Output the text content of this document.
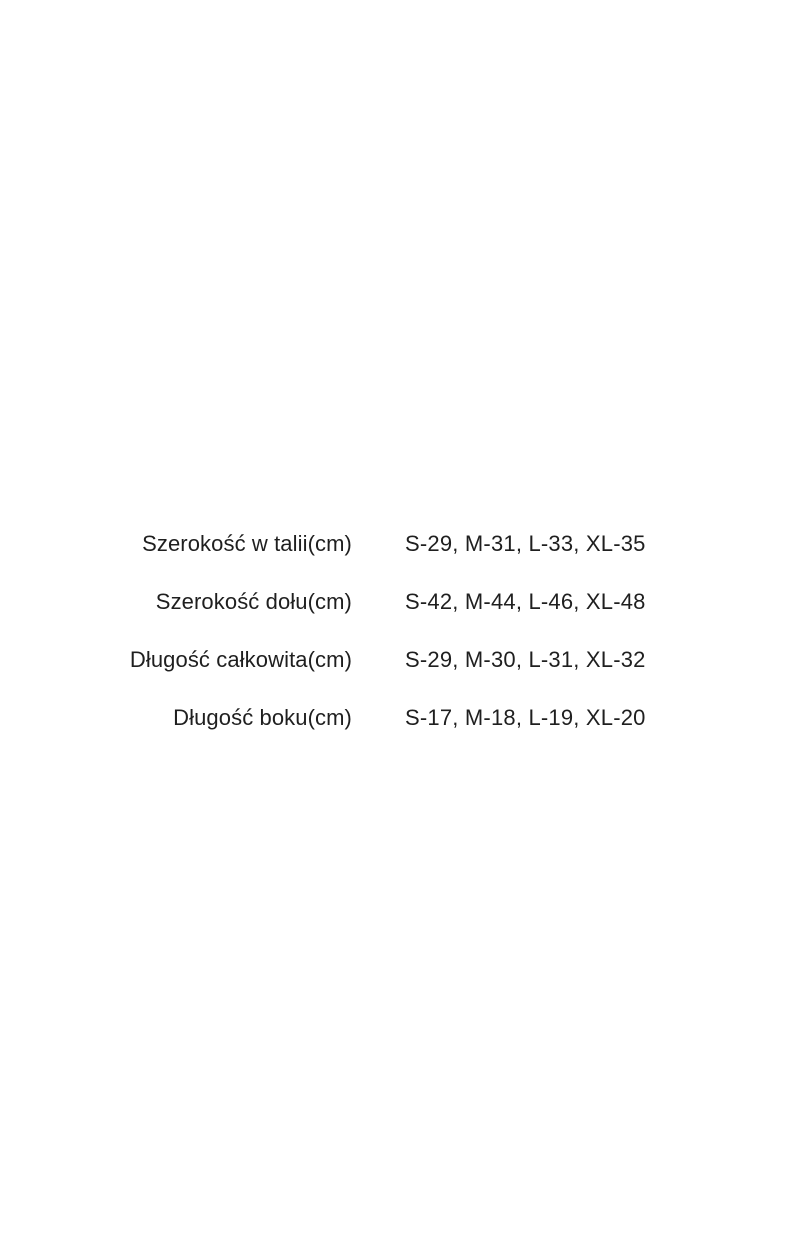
Szerokość w talii(cm) S-29, M-31, L-33, XL-35
Szerokość dołu(cm) S-42, M-44, L-46, XL-48
Długość całkowita(cm) S-29, M-30, L-31, XL-32
Długość boku(cm) S-17, M-18, L-19, XL-20
